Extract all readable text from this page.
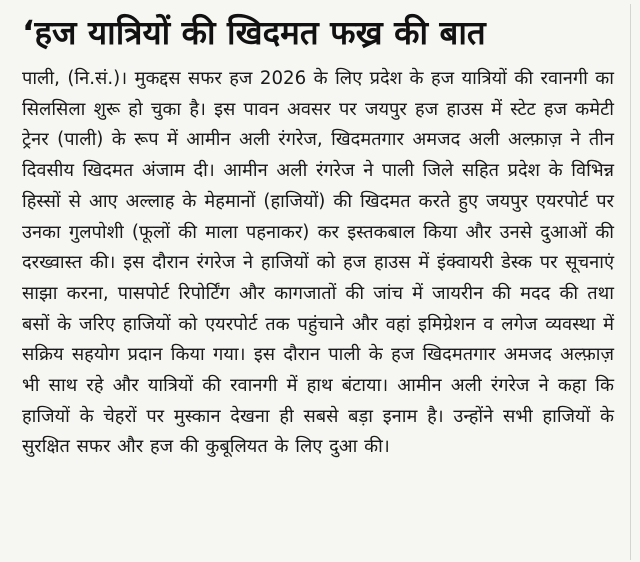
‘हज यात्रियों की खिदमत फख्र की बात
पाली, (नि.सं.)। मुकद्दस सफर हज 2026 के लिए प्रदेश के हज यात्रियों की रवानगी का सिलसिला शुरू हो चुका है। इस पावन अवसर पर जयपुर हज हाउस में स्टेट हज कमेटी ट्रेनर (पाली) के रूप में आमीन अली रंगरेज, खिदमतगार अमजद अली अल्फ़ाज़ ने तीन दिवसीय खिदमत अंजाम दी। आमीन अली रंगरेज ने पाली जिले सहित प्रदेश के विभिन्न हिस्सों से आए अल्लाह के मेहमानों (हाजियों) की खिदमत करते हुए जयपुर एयरपोर्ट पर उनका गुलपोशी (फूलों की माला पहनाकर) कर इस्तकबाल किया और उनसे दुआओं की दरख्वास्त की। इस दौरान रंगरेज ने हाजियों को हज हाउस में इंक्वायरी डेस्क पर सूचनाएं साझा करना, पासपोर्ट रिपोर्टिंग और कागजातों की जांच में जायरीन की मदद की तथा बसों के जरिए हाजियों को एयरपोर्ट तक पहुंचाने और वहां इमिग्रेशन व लगेज व्यवस्था में सक्रिय सहयोग प्रदान किया गया। इस दौरान पाली के हज खिदमतगार अमजद अल्फ़ाज़ भी साथ रहे और यात्रियों की रवानगी में हाथ बंटाया। आमीन अली रंगरेज ने कहा कि हाजियों के चेहरों पर मुस्कान देखना ही सबसे बड़ा इनाम है। उन्होंने सभी हाजियों के सुरक्षित सफर और हज की कुबूलियत के लिए दुआ की।
